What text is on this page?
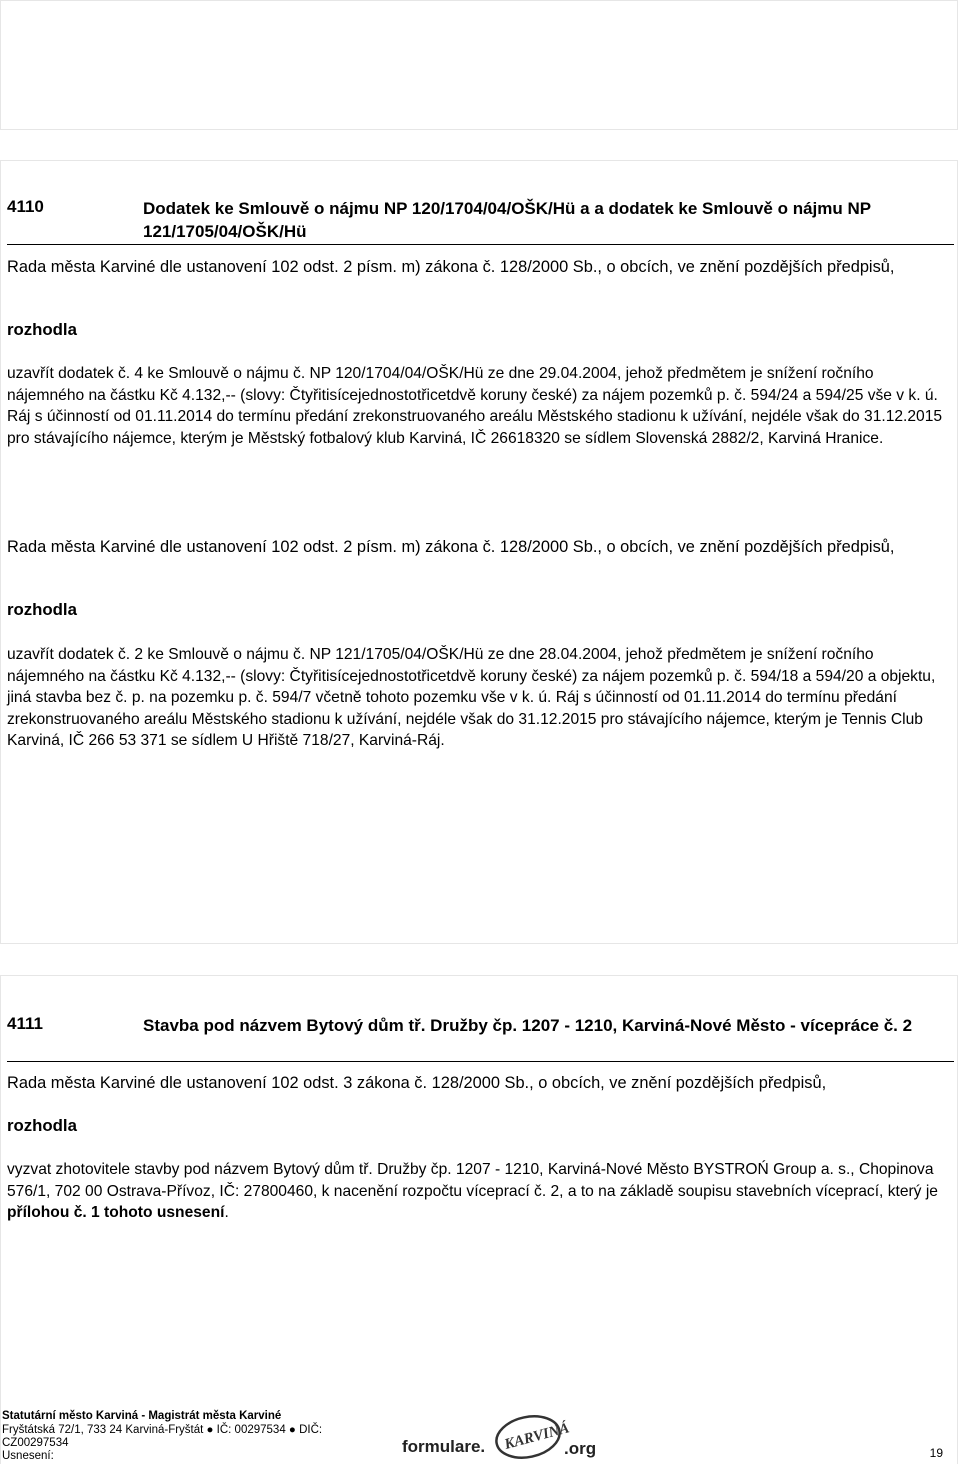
4110	Dodatek ke Smlouvě o nájmu NP 120/1704/04/OŠK/Hü a a dodatek ke Smlouvě o nájmu NP 121/1705/04/OŠK/Hü

Rada města Karviné dle ustanovení 102 odst. 2 písm. m) zákona č. 128/2000 Sb., o obcích, ve znění pozdějších předpisů,

rozhodla

uzavřít dodatek č. 4 ke Smlouvě o nájmu č. NP 120/1704/04/OŠK/Hü ze dne 29.04.2004, jehož předmětem je snížení ročního nájemného na částku Kč 4.132,-- (slovy: Čtyřitisícejednostotřicetdvě koruny české) za nájem pozemků p. č. 594/24 a 594/25 vše v k. ú. Ráj s účinností od 01.11.2014 do termínu předání zrekonstruovaného areálu Městského stadionu k užívání, nejdéle však do 31.12.2015 pro stávajícího nájemce, kterým je Městský fotbalový klub Karviná, IČ 26618320 se sídlem Slovenská 2882/2, Karviná Hranice.

Rada města Karviné dle ustanovení 102 odst. 2 písm. m) zákona č. 128/2000 Sb., o obcích, ve znění pozdějších předpisů,

rozhodla

uzavřít dodatek č. 2 ke Smlouvě o nájmu č. NP 121/1705/04/OŠK/Hü ze dne 28.04.2004, jehož předmětem je snížení ročního nájemného na částku Kč 4.132,-- (slovy: Čtyřitisícejednostotřicetdvě koruny české) za nájem pozemků p. č. 594/18 a 594/20 a objektu, jiná stavba bez č. p. na pozemku p. č. 594/7 včetně tohoto pozemku vše v k. ú. Ráj s účinností od 01.11.2014 do termínu předání zrekonstruovaného areálu Městského stadionu k užívání, nejdéle však do 31.12.2015 pro stávajícího nájemce, kterým je Tennis Club Karviná, IČ 266 53 371 se sídlem U Hřiště 718/27, Karviná-Ráj.

4111	Stavba pod názvem Bytový dům tř. Družby čp. 1207 - 1210, Karviná-Nové Město - vícepráce č. 2

Rada města Karviné dle ustanovení 102 odst. 3 zákona č. 128/2000 Sb., o obcích, ve znění pozdějších předpisů,

rozhodla

vyzvat zhotovitele stavby pod názvem Bytový dům tř. Družby čp. 1207 - 1210, Karviná-Nové Město BYSTROŃ Group a. s., Chopinova 576/1, 702 00 Ostrava-Přívoz, IČ: 27800460, k nacenění rozpočtu víceprací č. 2, a to na základě soupisu stavebních víceprací, který je přílohou č. 1 tohoto usnesení.

Statutární město Karviná - Magistrát města Karviné
Fryštátská 72/1, 733 24 Karviná-Fryštát ● IČ: 00297534 ● DIČ:
CZ00297534
Usnesení:	formulare. KARVINÁ
.org	19
